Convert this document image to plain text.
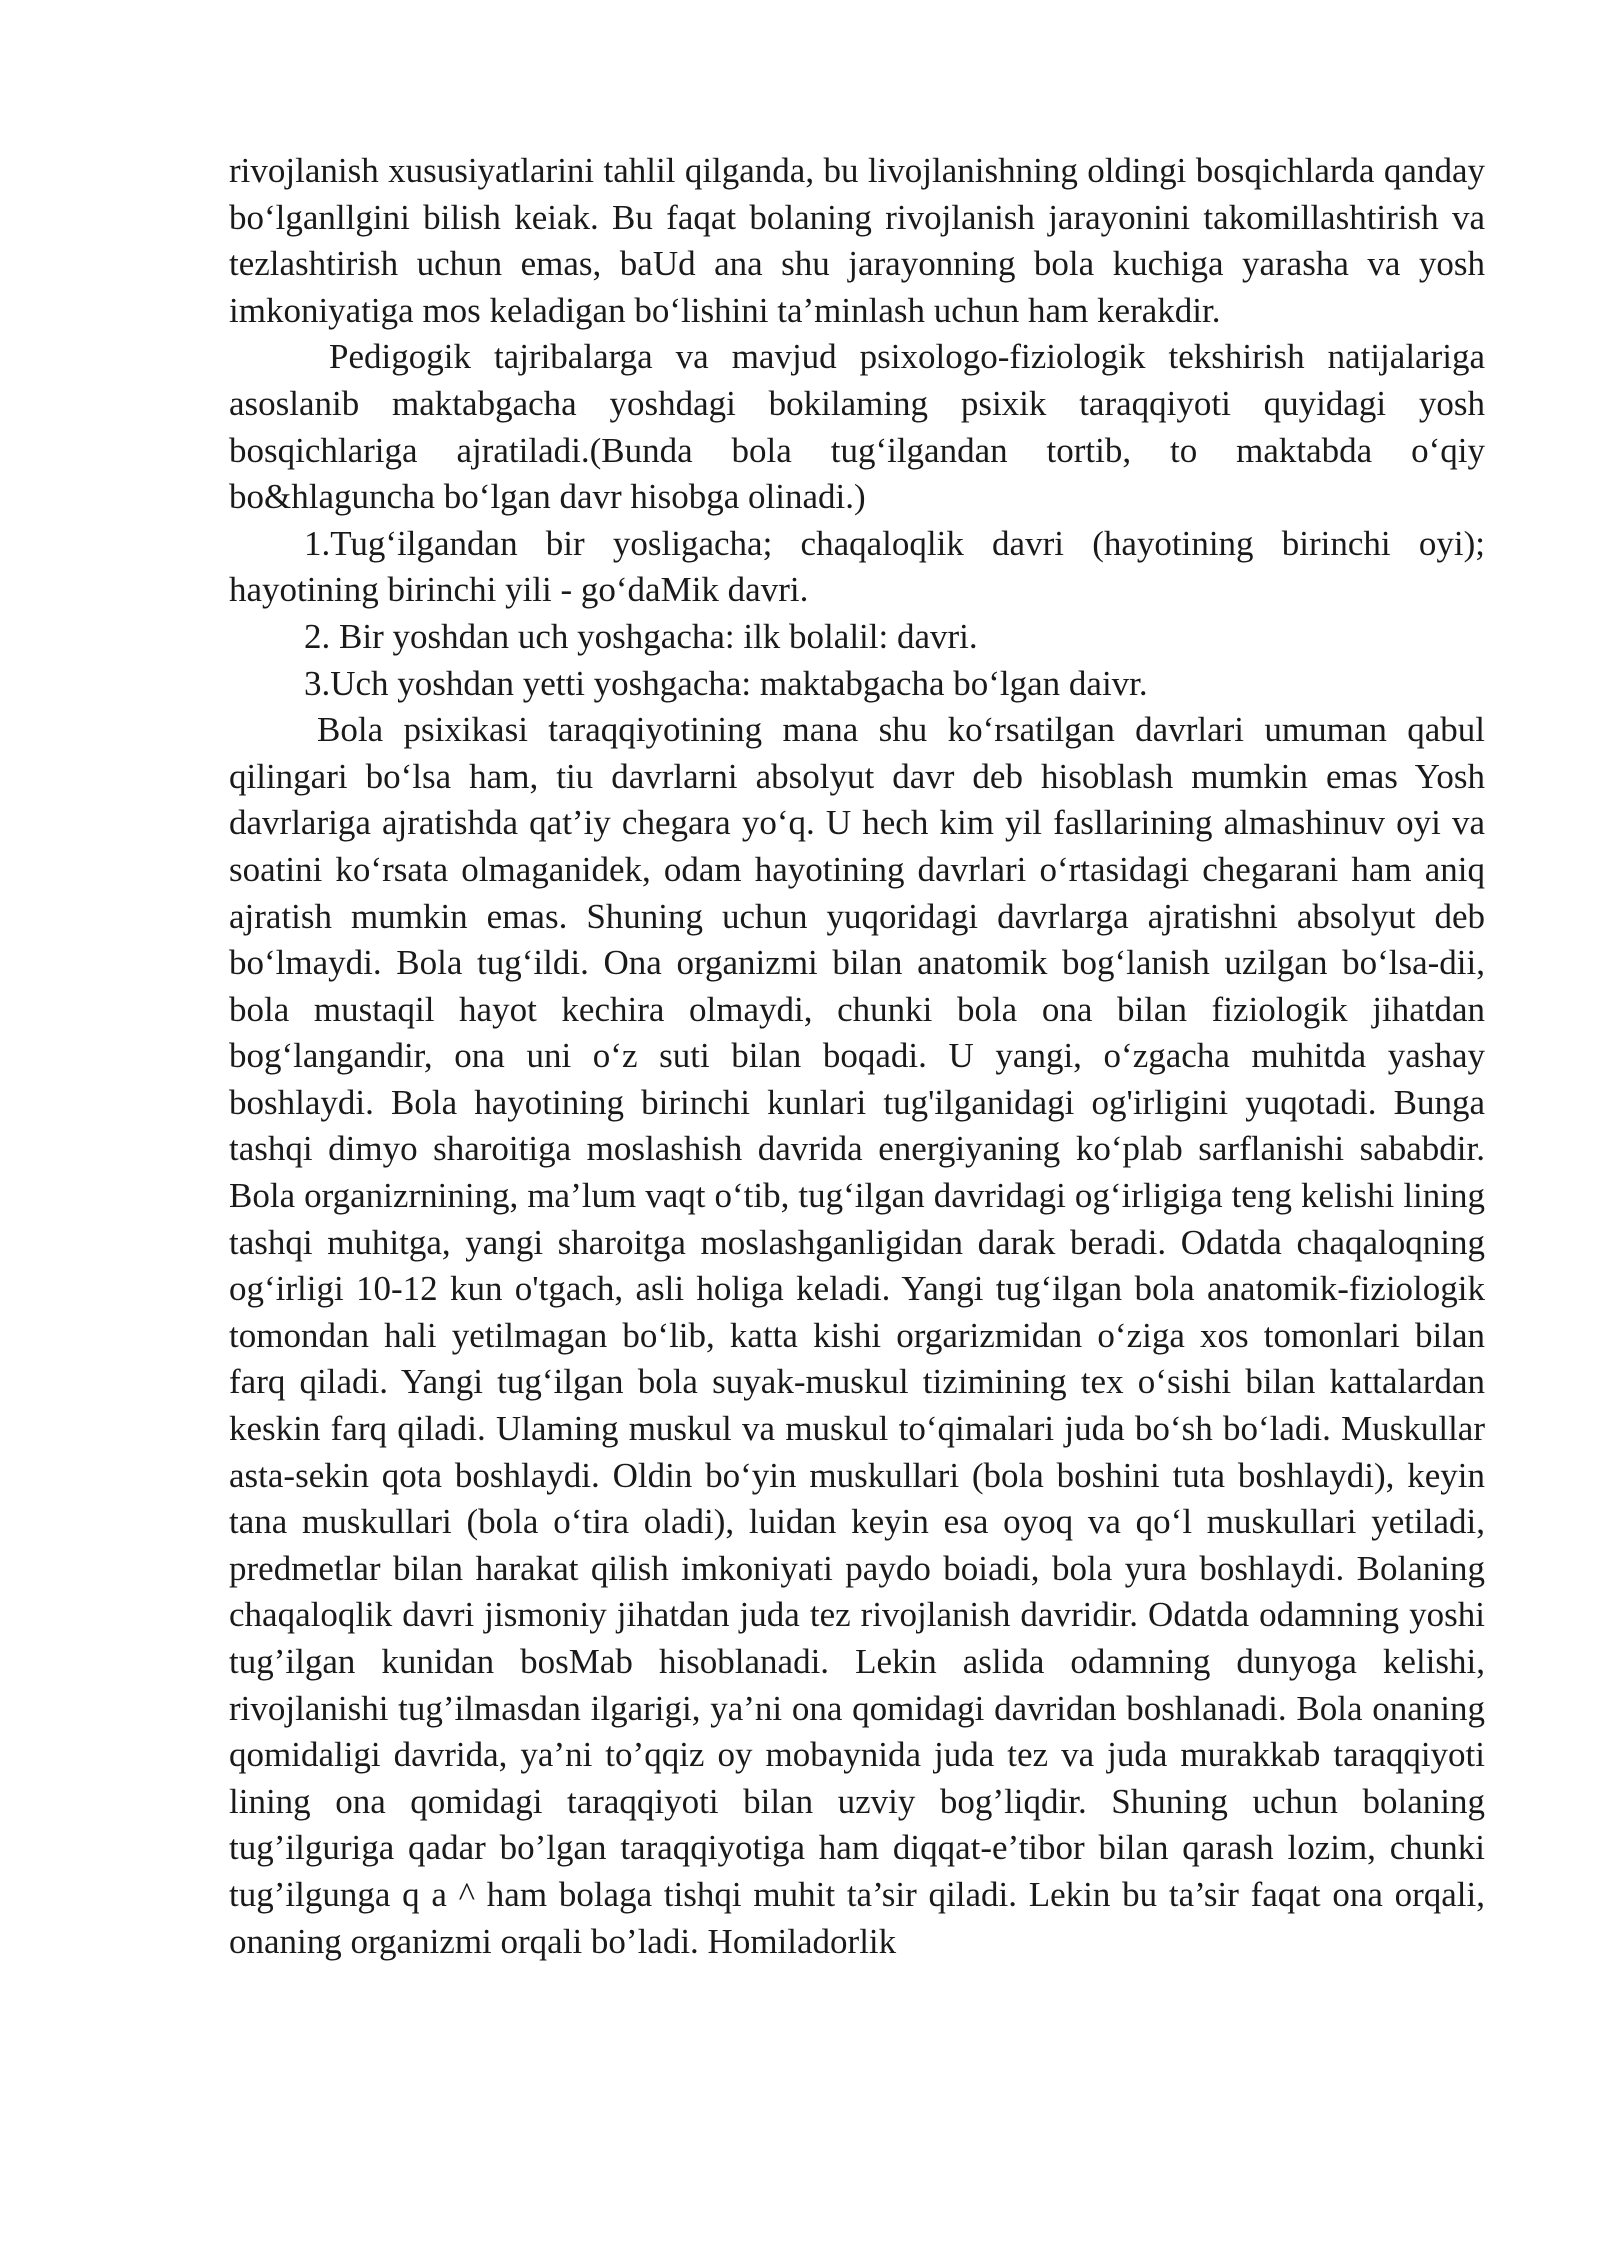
rivojlanish xususiyatlarini tahlil qilganda, bu livojlanishning oldingi bosqichlarda qanday bo‘lganllgini bilish keiak. Bu faqat bolaning rivojlanish jarayonini takomillashtirish va tezlashtirish uchun emas, baUd ana shu jarayonning bola kuchiga yarasha va yosh imkoniyatiga mos keladigan bo‘lishini ta’minlash uchun ham kerakdir.

Pedigogik tajribalarga va mavjud psixologo-fiziologik tekshirish natijalariga asoslanib maktabgacha yoshdagi bokilaming psixik taraqqiyoti quyidagi yosh bosqichlariga ajratiladi.(Bunda bola tug‘ilgandan tortib, to maktabda o‘qiy bo&hlaguncha bo‘lgan davr hisobga olinadi.)

1.Tug‘ilgandan bir yosligacha; chaqaloqlik davri (hayotining birinchi oyi); hayotining birinchi yili - go‘daMik davri.

2. Bir yoshdan uch yoshgacha: ilk bolalil: davri.

3.Uch yoshdan yetti yoshgacha: maktabgacha bo‘lgan daivr.

Bola psixikasi taraqqiyotining mana shu ko‘rsatilgan davrlari umuman qabul qilingari bo‘lsa ham, tiu davrlarni absolyut davr deb hisoblash mumkin emas Yosh davrlariga ajratishda qat’iy chegara yo‘q. U hech kim yil fasllarining almashinuv oyi va soatini ko‘rsata olmaganidek, odam hayotining davrlari o‘rtasidagi chegarani ham aniq ajratish mumkin emas. Shuning uchun yuqoridagi davrlarga ajratishni absolyut deb bo‘lmaydi. Bola tug‘ildi. Ona organizmi bilan anatomik bog‘lanish uzilgan bo‘lsa-dii, bola mustaqil hayot kechira olmaydi, chunki bola ona bilan fiziologik jihatdan bog‘langandir, ona uni o‘z suti bilan boqadi. U yangi, o‘zgacha muhitda yashay boshlaydi. Bola hayotining birinchi kunlari tug'ilganidagi og'irligini yuqotadi. Bunga tashqi dimyo sharoitiga moslashish davrida energiyaning ko‘plab sarflanishi sababdir. Bola organizrnining, ma’lum vaqt o‘tib, tug‘ilgan davridagi og‘irligiga teng kelishi lining tashqi muhitga, yangi sharoitga moslashganligidan darak beradi. Odatda chaqaloqning og‘irligi 10-12 kun o'tgach, asli holiga keladi. Yangi tug‘ilgan bola anatomik-fiziologik tomondan hali yetilmagan bo‘lib, katta kishi orgarizmidan o‘ziga xos tomonlari bilan farq qiladi. Yangi tug‘ilgan bola suyak-muskul tizimining tex o‘sishi bilan kattalardan keskin farq qiladi. Ulaming muskul va muskul to‘qimalari juda bo‘sh bo‘ladi. Muskullar asta-sekin qota boshlaydi. Oldin bo‘yin muskullari (bola boshini tuta boshlaydi), keyin tana muskullari (bola o‘tira oladi), luidan keyin esa oyoq va qo‘l muskullari yetiladi, predmetlar bilan harakat qilish imkoniyati paydo boiadi, bola yura boshlaydi. Bolaning chaqaloqlik davri jismoniy jihatdan juda tez rivojlanish davridir. Odatda odamning yoshi tug’ilgan kunidan bosMab hisoblanadi. Lekin aslida odamning dunyoga kelishi, rivojlanishi tug’ilmasdan ilgarigi, ya’ni ona qomidagi davridan boshlanadi. Bola onaning qomidaligi davrida, ya’ni to’qqiz oy mobaynida juda tez va juda murakkab taraqqiyoti lining ona qomidagi taraqqiyoti bilan uzviy bog’liqdir. Shuning uchun bolaning tug’ilguriga qadar bo’lgan taraqqiyotiga ham diqqat-e’tibor bilan qarash lozim, chunki tug’ilgunga q a ^ ham bolaga tishqi muhit ta’sir qiladi. Lekin bu ta’sir faqat ona orqali, onaning organizmi orqali bo’ladi. Homiladorlik
